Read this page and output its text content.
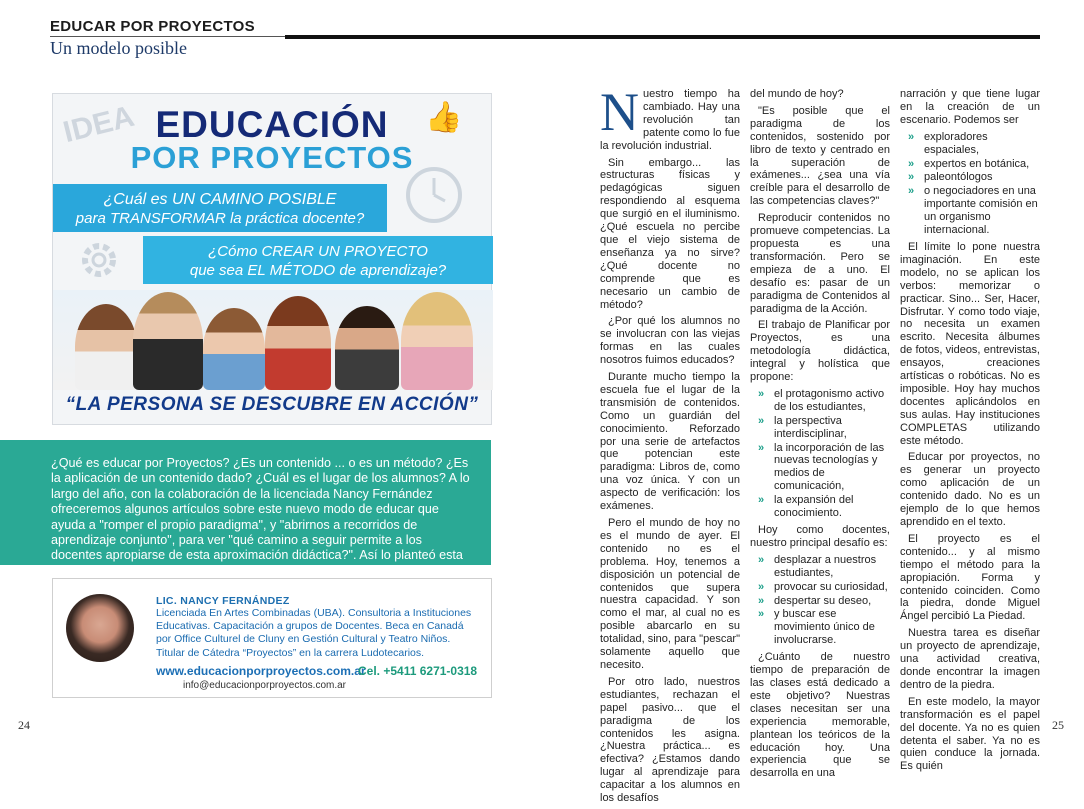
EDUCAR POR PROYECTOS
Un modelo posible
IDEA	👍
EDUCACIÓN
POR PROYECTOS
¿Cuál es UN CAMINO POSIBLE
para TRANSFORMAR la práctica docente?
¿Cómo CREAR UN PROYECTO
que sea EL MÉTODO de aprendizaje?
“LA PERSONA SE DESCUBRE EN ACCIÓN”
¿Qué es educar por Proyectos? ¿Es un contenido ... o es un método? ¿Es la aplicación de un contenido dado? ¿Cuál es el lugar de los alumnos? A lo largo del año, con la colaboración de la licenciada Nancy Fernández ofreceremos algunos artículos sobre este nuevo modo de educar que ayuda a "romper el propio paradigma", y "abrirnos a recorridos de aprendizaje conjunto", para ver "qué camino a seguir permite a los docentes apropiarse de esta aproximación didáctica?". Así lo planteó esta especialista en el CREC 2019.
LIC. NANCY FERNÁNDEZ
Licenciada En Artes Combinadas (UBA). Consultoria a Instituciones Educativas. Capacitación a grupos de Docentes. Beca en Canadá por Office Culturel de Cluny en Gestión Cultural y Teatro Niños. Titular de Cátedra “Proyectos” en la carrera Ludotecarios.
www.educacionporproyectos.com.ar
Cel. +5411 6271-0318
info@educacionporproyectos.com.ar
24	25

Nuestro tiempo ha cambiado. Hay una revolución tan patente como lo fue la revolución industrial.

Sin embargo... las estructuras físicas y pedagógicas siguen respondiendo al esquema que surgió en el iluminismo. ¿Qué escuela no percibe que el viejo sistema de enseñanza ya no sirve? ¿Qué docente no comprende que es necesario un cambio de método?

¿Por qué los alumnos no se involucran con las viejas formas en las cuales nosotros fuimos educados?

Durante mucho tiempo la escuela fue el lugar de la transmisión de contenidos. Como un guardián del conocimiento. Reforzado por una serie de artefactos que potencian este paradigma: Libros de, como una voz única. Y con un aspecto de verificación: los exámenes.

Pero el mundo de hoy no es el mundo de ayer. El contenido no es el problema. Hoy, tenemos a disposición un potencial de contenidos que supera nuestra capacidad. Y son como el mar, al cual no es posible abarcarlo en su totalidad, sino, para "pescar" solamente aquello que necesito.

Por otro lado, nuestros estudiantes, rechazan el papel pasivo... que el paradigma de los contenidos les asigna. ¿Nuestra práctica... es efectiva? ¿Estamos dando lugar al aprendizaje para capacitar a los alumnos en los desafíos

del mundo de hoy?

"Es posible que el paradigma de los contenidos, sostenido por libro de texto y centrado en la superación de exámenes... ¿sea una vía creíble para el desarrollo de las competencias claves?"

Reproducir contenidos no promueve competencias. La propuesta es una transformación. Pero se empieza de a uno. El desafío es: pasar de un paradigma de Contenidos al paradigma de la Acción.

El trabajo de Planificar por Proyectos, es una metodología didáctica, integral y holística que propone:

» el protagonismo activo de los estudiantes,
» la perspectiva interdisciplinar,
» la incorporación de las nuevas tecnologías y medios de comunicación,
» la expansión del conocimiento.

Hoy como docentes, nuestro principal desafío es:

» desplazar a nuestros estudiantes,
» provocar su curiosidad,
» despertar su deseo,
» y buscar ese movimiento único de involucrarse.

¿Cuánto de nuestro tiempo de preparación de las clases está dedicado a este objetivo? Nuestras clases necesitan ser una experiencia memorable, plantean los teóricos de la educación hoy. Una experiencia que se desarrolla en una

narración y que tiene lugar en la creación de un escenario. Podemos ser

» exploradores espaciales,
» expertos en botánica,
» paleontólogos
» o negociadores en una importante comisión en un organismo internacional.

El límite lo pone nuestra imaginación. En este modelo, no se aplican los verbos: memorizar o practicar. Sino... Ser, Hacer, Disfrutar. Y como todo viaje, no necesita un examen escrito. Necesita álbumes de fotos, videos, entrevistas, ensayos, creaciones artísticas o robóticas. No es imposible. Hoy hay muchos docentes aplicándolos en sus aulas. Hay instituciones COMPLETAS utilizando este método.

Educar por proyectos, no es generar un proyecto como aplicación de un contenido dado. No es un ejemplo de lo que hemos aprendido en el texto.

El proyecto es el contenido... y al mismo tiempo el método para la apropiación. Forma y contenido coinciden. Como la piedra, donde Miguel Ángel percibió La Piedad.

Nuestra tarea es diseñar un proyecto de aprendizaje, una actividad creativa, donde encontrar la imagen dentro de la piedra.

En este modelo, la mayor transformación es el papel del docente. Ya no es quien detenta el saber. Ya no es quien conduce la jornada. Es quién
